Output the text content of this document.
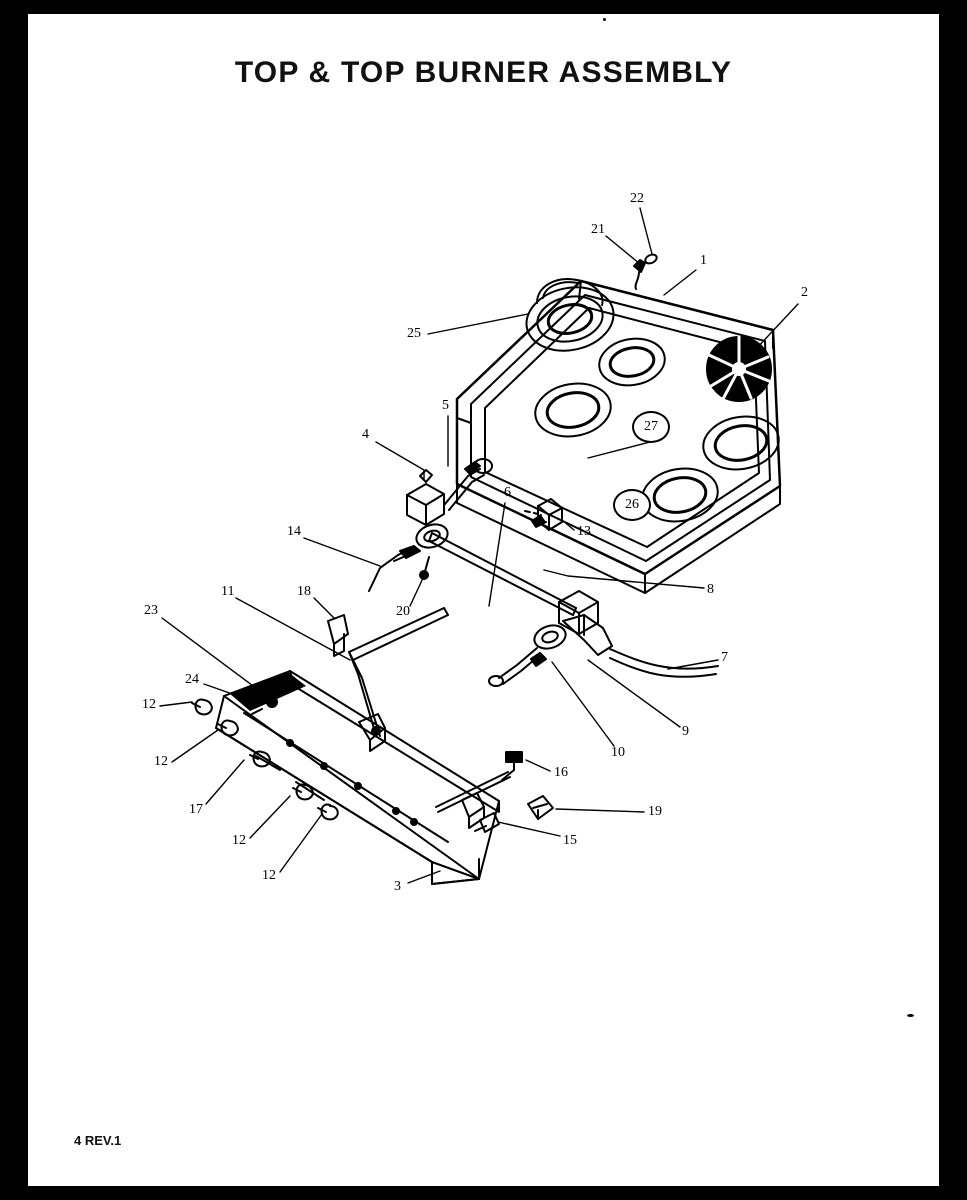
TOP & TOP BURNER ASSEMBLY
1
2
3
4
5
6
7
8
9
10
11
12
12
12
12
13
14
15
16
17
18
19
20
21
22
23
24
25
26
27
4 REV.1
